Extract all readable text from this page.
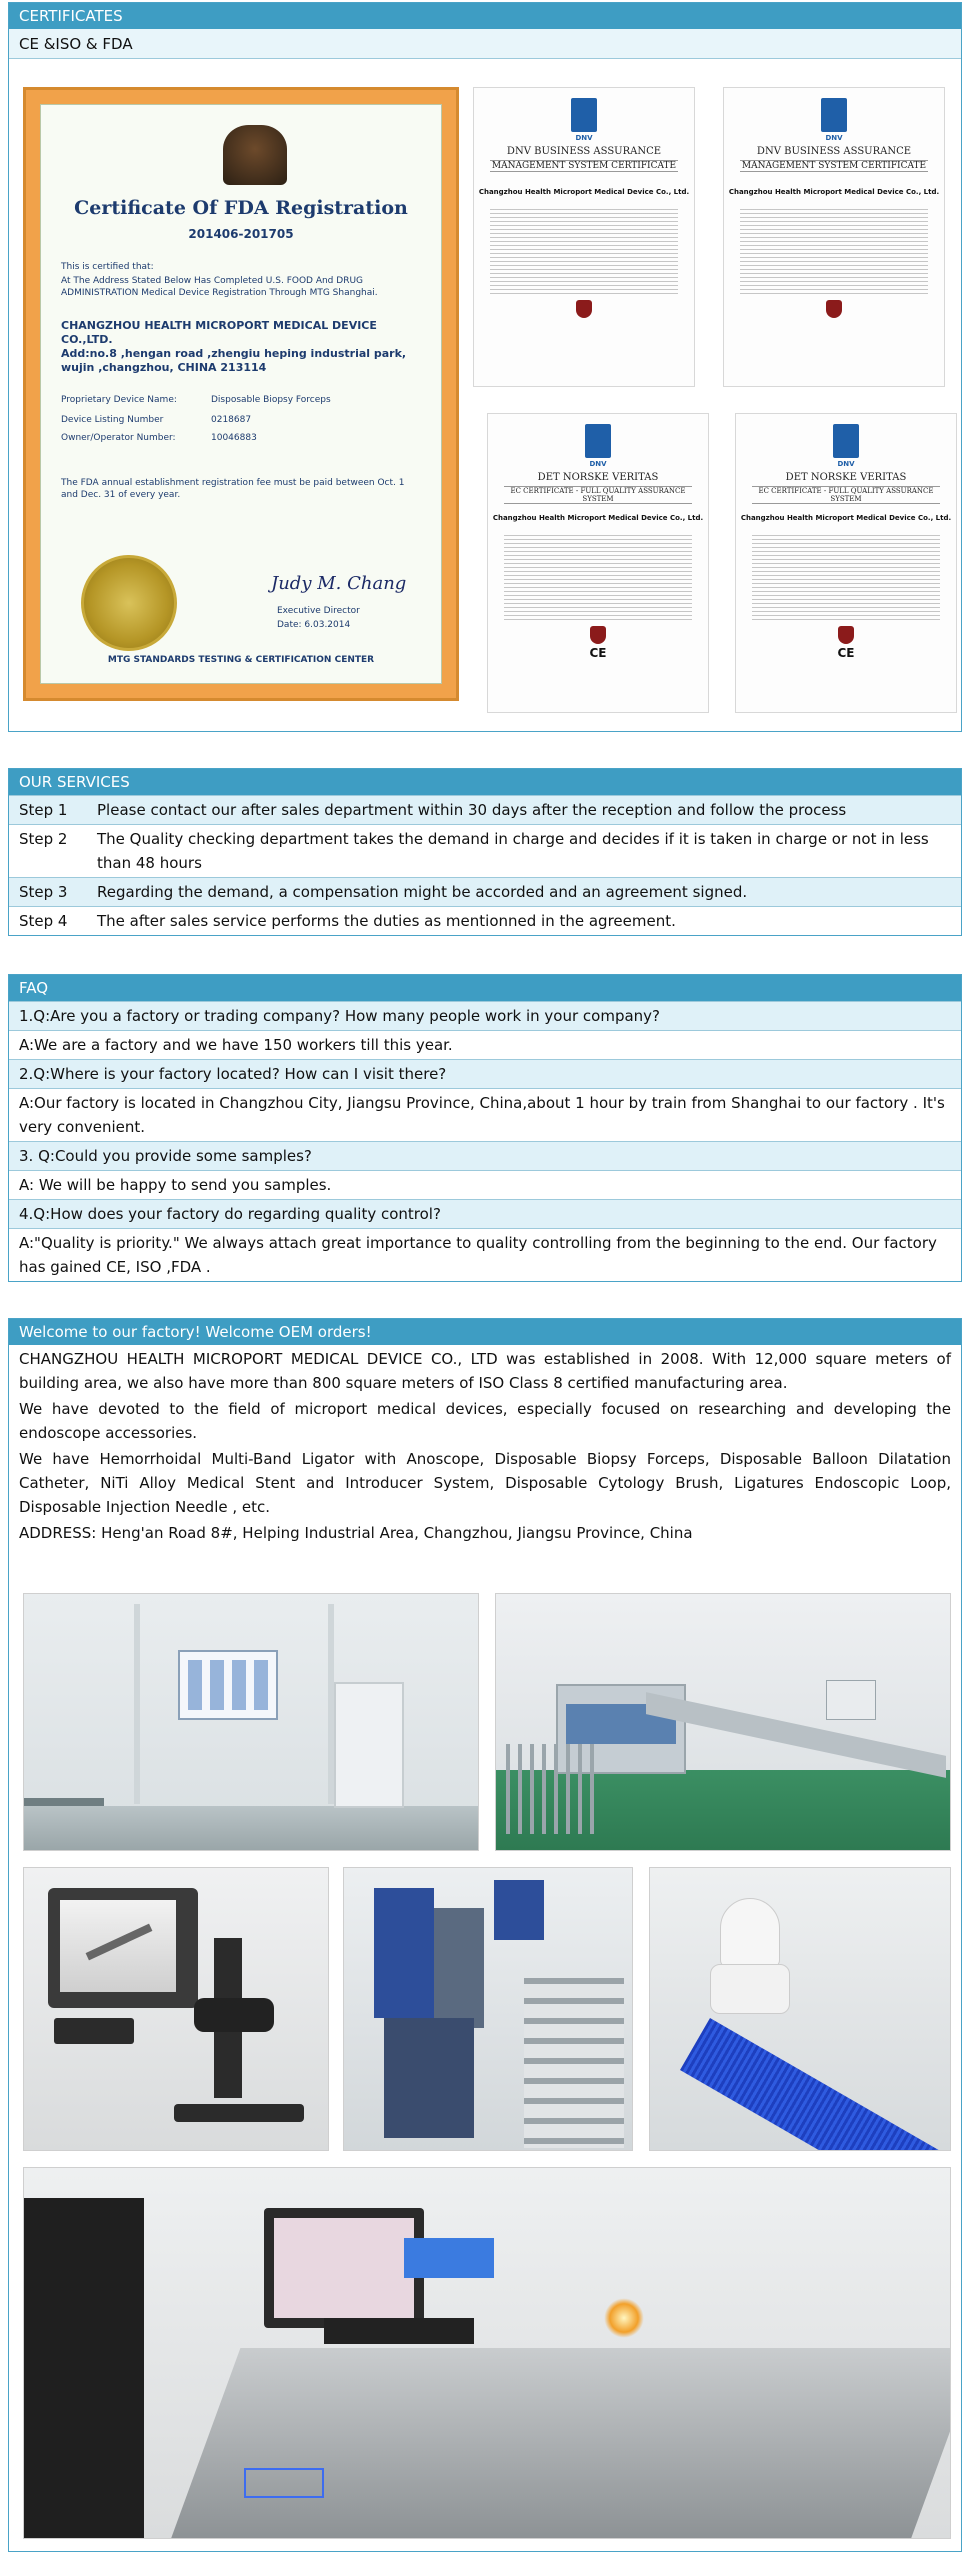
CERTIFICATES
CE &ISO & FDA
Certificate Of FDA Registration
201406-201705
This is certified that:
At The Address Stated Below Has Completed U.S. FOOD And DRUG ADMINISTRATION Medical Device Registration Through MTG Shanghai.
CHANGZHOU HEALTH MICROPORT MEDICAL DEVICE CO.,LTD.
Add:no.8 ,hengan road ,zhengiu heping industrial park, wujin ,changzhou, CHINA 213114
Proprietary Device Name:	Disposable Biopsy Forceps
Device Listing Number	0218687
Owner/Operator Number:	10046883
The FDA annual establishment registration fee must be paid between Oct. 1 and Dec. 31 of every year.
Judy M. Chang
Executive Director
Date: 6.03.2014
MTG STANDARDS TESTING & CERTIFICATION CENTER
DNV
DNV BUSINESS ASSURANCE
MANAGEMENT SYSTEM CERTIFICATE
Changzhou Health Microport Medical Device Co., Ltd.
DNV
DNV BUSINESS ASSURANCE
MANAGEMENT SYSTEM CERTIFICATE
Changzhou Health Microport Medical Device Co., Ltd.
DNV
DET NORSKE VERITAS
EC CERTIFICATE - FULL QUALITY ASSURANCE SYSTEM
Changzhou Health Microport Medical Device Co., Ltd.
CE
DNV
DET NORSKE VERITAS
EC CERTIFICATE - FULL QUALITY ASSURANCE SYSTEM
Changzhou Health Microport Medical Device Co., Ltd.
CE
OUR SERVICES
Step 1	Please contact our after sales department within 30 days after the reception and follow the process
Step 2	The Quality checking department takes the demand in charge and decides if it is taken in charge or not in less than 48 hours
Step 3	Regarding the demand, a compensation might be accorded and an agreement signed.
Step 4	The after sales service performs the duties as mentionned in the agreement.
FAQ
1.Q:Are you a factory or trading company? How many people work in your company?
A:We are a factory and we have 150 workers till this year.
2.Q:Where is your factory located? How can I visit there?
A:Our factory is located in Changzhou City, Jiangsu Province, China,about 1 hour by train from Shanghai to our factory . It's very convenient.
3. Q:Could you provide some samples?
A: We will be happy to send you samples.
4.Q:How does your factory do regarding quality control?
A:"Quality is priority." We always attach great importance to quality controlling from the beginning to the end. Our factory has gained CE, ISO ,FDA .
Welcome to our factory! Welcome OEM orders!
CHANGZHOU HEALTH MICROPORT MEDICAL DEVICE CO., LTD was established in 2008. With 12,000 square meters of building area, we also have more than 800 square meters of ISO Class 8 certified manufacturing area.
We have devoted to the field of microport medical devices, especially focused on researching and developing the endoscope accessories.
We have Hemorrhoidal Multi-Band Ligator with Anoscope, Disposable Biopsy Forceps, Disposable Balloon Dilatation Catheter, NiTi Alloy Medical Stent and Introducer System, Disposable Cytology Brush, Ligatures Endoscopic Loop, Disposable Injection Needle , etc.
ADDRESS: Heng'an Road 8#, Helping Industrial Area, Changzhou, Jiangsu Province, China
